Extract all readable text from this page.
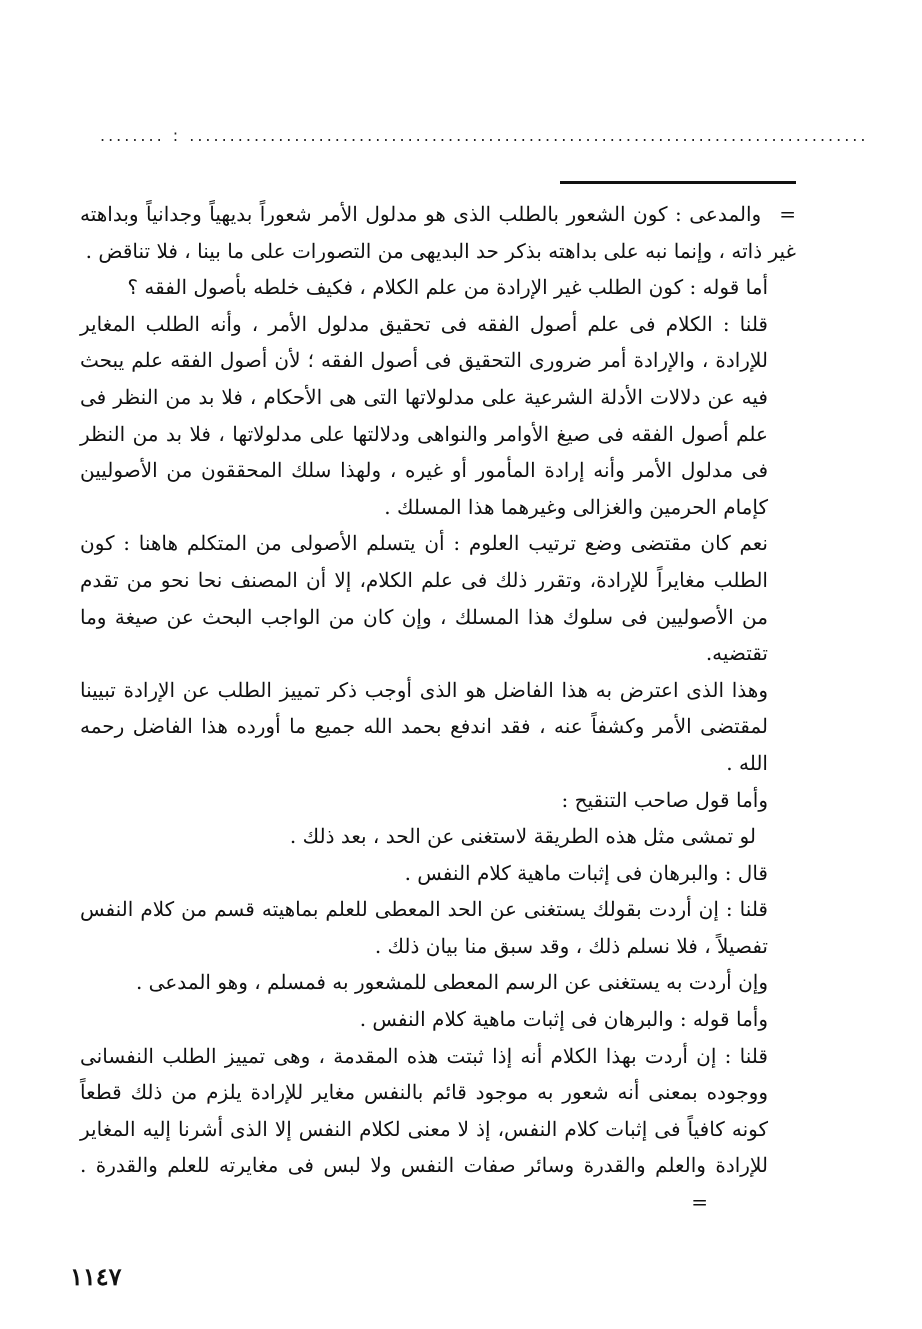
........ : ....................................................................................

=والمدعى : كون الشعور بالطلب الذى هو مدلول الأمر شعوراً بديهياً وجدانياً وبداهته غير ذاته ، وإنما نبه على بداهته بذكر حد البديهى من التصورات على ما بينا ، فلا تناقض .

أما قوله : كون الطلب غير الإرادة من علم الكلام ، فكيف خلطه بأصول الفقه ؟

قلنا : الكلام فى علم أصول الفقه فى تحقيق مدلول الأمر ، وأنه الطلب المغاير للإرادة ، والإرادة أمر ضرورى التحقيق فى أصول الفقه ؛ لأن أصول الفقه علم يبحث فيه عن دلالات الأدلة الشرعية على مدلولاتها التى هى الأحكام ، فلا بد من النظر فى علم أصول الفقه فى صيغ الأوامر والنواهى ودلالتها على مدلولاتها ، فلا بد من النظر فى مدلول الأمر وأنه إرادة المأمور أو غيره ، ولهذا سلك المحققون من الأصوليين كإمام الحرمين والغزالى وغيرهما هذا المسلك .

نعم كان مقتضى وضع ترتيب العلوم : أن يتسلم الأصولى من المتكلم هاهنا : كون الطلب مغايراً للإرادة، وتقرر ذلك فى علم الكلام، إلا أن المصنف نحا نحو من تقدم من الأصوليين فى سلوك هذا المسلك ، وإن كان من الواجب البحث عن صيغة وما تقتضيه.

وهذا الذى اعترض به هذا الفاضل هو الذى أوجب ذكر تمييز الطلب عن الإرادة تبيينا لمقتضى الأمر وكشفاً عنه ، فقد اندفع بحمد الله جميع ما أورده هذا الفاضل رحمه الله .

وأما قول صاحب التنقيح :

لو تمشى مثل هذه الطريقة لاستغنى عن الحد ، بعد ذلك .

قال : والبرهان فى إثبات ماهية كلام النفس .

قلنا : إن أردت بقولك يستغنى عن الحد المعطى للعلم بماهيته قسم من كلام النفس تفصيلاً ، فلا نسلم ذلك ، وقد سبق منا بيان ذلك .

وإن أردت به يستغنى عن الرسم المعطى للمشعور به فمسلم ، وهو المدعى .

وأما قوله : والبرهان فى إثبات ماهية كلام النفس .

قلنا : إن أردت بهذا الكلام أنه إذا ثبتت هذه المقدمة ، وهى تمييز الطلب النفسانى ووجوده بمعنى أنه شعور به موجود قائم بالنفس مغاير للإرادة يلزم من ذلك قطعاً كونه كافياً فى إثبات كلام النفس، إذ لا معنى لكلام النفس إلا الذى أشرنا إليه المغاير للإرادة والعلم والقدرة وسائر صفات النفس ولا لبس فى مغايرته للعلم والقدرة .=

١١٤٧
